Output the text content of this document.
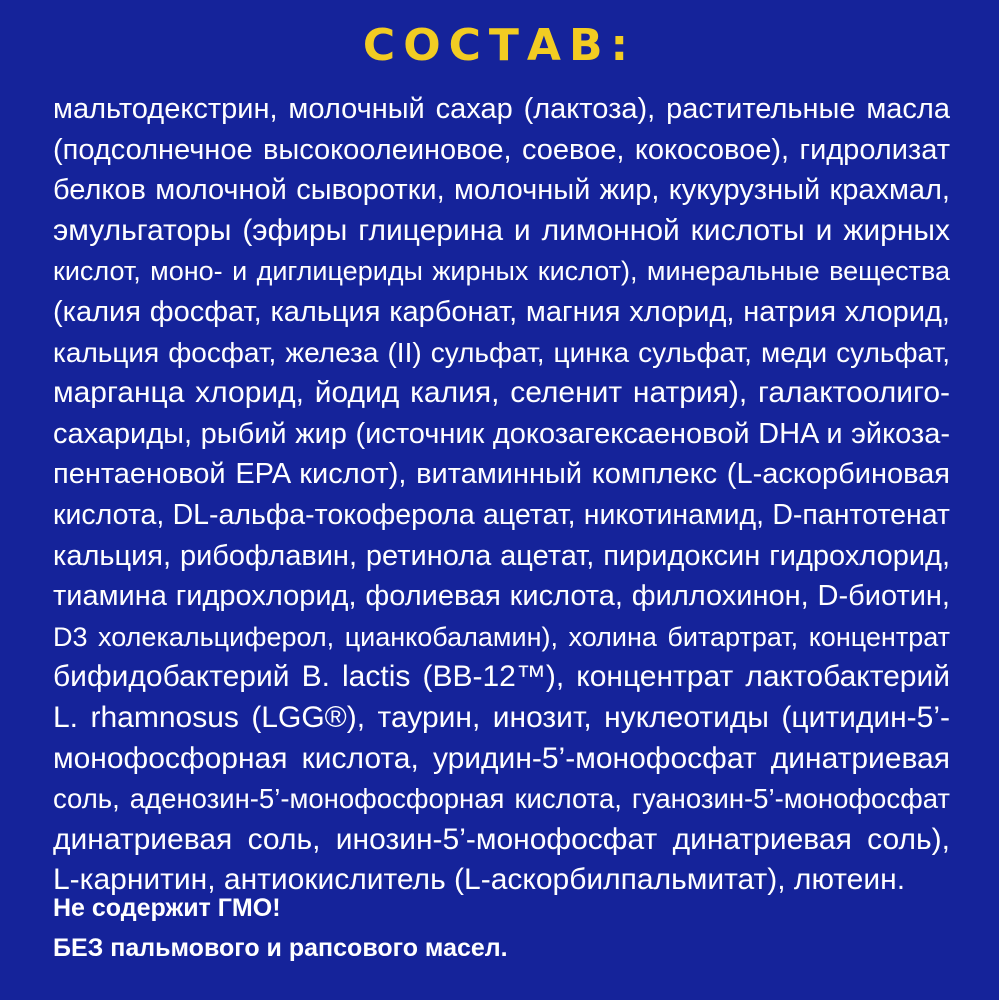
СОСТАВ:
мальтодекстрин, молочный сахар (лактоза), растительные масла
(подсолнечное высокоолеиновое, соевое, кокосовое), гидролизат
белков молочной сыворотки, молочный жир, кукурузный крахмал,
эмульгаторы (эфиры глицерина и лимонной кислоты и жирных
кислот, моно- и диглицериды жирных кислот), минеральные вещества
(калия фосфат, кальция карбонат, магния хлорид, натрия хлорид,
кальция фосфат, железа (II) сульфат, цинка сульфат, меди сульфат,
марганца хлорид, йодид калия, селенит натрия), галактоолиго-
сахариды, рыбий жир (источник докозагексаеновой DHA и эйкоза-
пентаеновой EPA кислот), витаминный комплекс (L-аскорбиновая
кислота, DL-альфа-токоферола ацетат, никотинамид, D-пантотенат
кальция, рибофлавин, ретинола ацетат, пиридоксин гидрохлорид,
тиамина гидрохлорид, фолиевая кислота, филлохинон, D-биотин,
D3 холекальциферол, цианкобаламин), холина битартрат, концентрат
бифидобактерий B. lactis (BB-12™), концентрат лактобактерий
L. rhamnosus (LGG®), таурин, инозит, нуклеотиды (цитидин-5’-
монофосфорная кислота, уридин-5’-монофосфат динатриевая
соль, аденозин-5’-монофосфорная кислота, гуанозин-5’-монофосфат
динатриевая соль, инозин-5’-монофосфат динатриевая соль),
L-карнитин, антиокислитель (L-аскорбилпальмитат), лютеин.
Не содержит ГМО!
БЕЗ пальмового и рапсового масел.
